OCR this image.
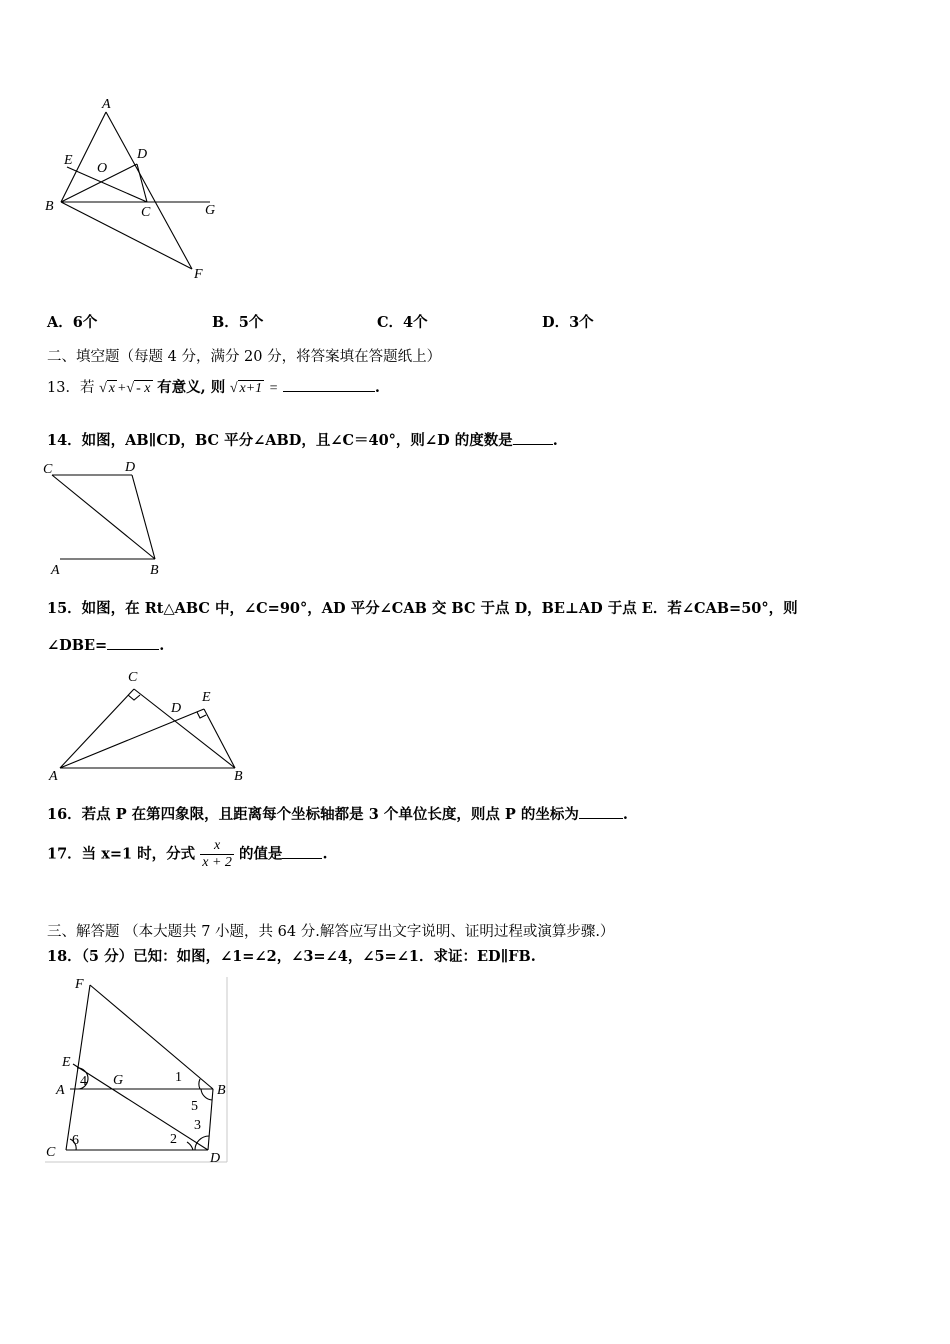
A
E
O
D
B	C	G
F
A．6个	B．5个	C．4个	D．3个
二、填空题（每题 4 分，满分 20 分，将答案填在答题纸上）
13．若 √ x +√ - x 有意义, 则 √ x+1 =	.
14．如图，AB∥CD，BC 平分∠ABD，且∠C＝40°，则∠D 的度数是	.
C	D
A	B
15．如图，在 Rt△ABC 中，∠C=90°，AD 平分∠CAB 交 BC 于点 D，BE⊥AD 于点 E．若∠CAB=50°，则
∠DBE=	.
C
D
E
A	B
16．若点 P 在第四象限，且距离每个坐标轴都是 3 个单位长度，则点 P 的坐标为	.
17．当 x=1 时，分式 $\frac{x}{x + 2}$ 的值是	.
三、解答题 （本大题共 7 小题，共 64 分.解答应写出文字说明、证明过程或演算步骤.）
18．（5 分）已知：如图，∠1=∠2，∠3=∠4，∠5=∠1．求证：ED∥FB.
F
E
A
G
B
C	D
1
2
3
4
5
6
